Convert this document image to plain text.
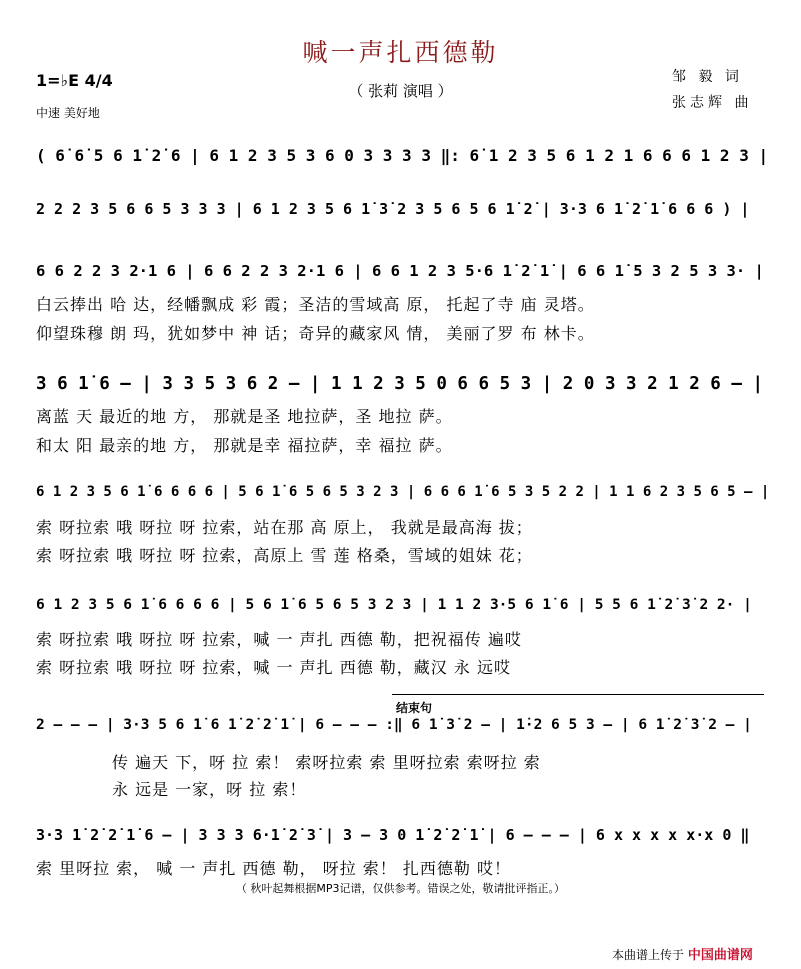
喊一声扎西德勒
（ 张莉 演唱 ）
1=♭E 4/4
中速 美好地
邹 毅 词
张志辉 曲
( 6̇ 6̇ 5 6 1̇ 2̇ 6 | 6 1 2 3 5 3 6 0 3 3 3 3 ‖: 6̇ 1 2 3 5 6 1 2 1 6 6 6 1 2 3 |
2 2 2 3 5 6 6 5 3 3 3 | 6 1 2 3 5 6 1̇ 3̇ 2 3 5 6 5 6 1̇ 2̇ | 3·3 6 1̇ 2̇ 1̇ 6 6 6 ) |
6 6 2 2 3 2·1 6 | 6 6 2 2 3 2·1 6 | 6 6 1 2 3 5·6 1̇ 2̇ 1̇ | 6 6 1̇ 5 3 2 5 3 3· |
白云捧出 哈 达，经幡飘成 彩 霞；圣洁的雪域高 原， 托起了寺 庙 灵塔。
仰望珠穆 朗 玛，犹如梦中 神 话；奇异的藏家风 情， 美丽了罗 布 林卡。
3 6 1̇ 6 – | 3 3 5 3 6 2 – | 1 1 2 3 5 0 6 6 5 3 | 2 0 3 3 2 1 2 6 – |
离蓝 天 最近的地 方， 那就是圣 地拉萨，圣 地拉 萨。
和太 阳 最亲的地 方， 那就是幸 福拉萨，幸 福拉 萨。
6 1 2 3 5 6 1̇ 6 6 6 6 | 5 6 1̇ 6 5 6 5 3 2 3 | 6 6 6 1̇ 6 5 3 5 2 2 | 1 1 6 2 3 5 6 5 – |
索 呀拉索 哦 呀拉 呀 拉索，站在那 高 原上， 我就是最高海 拔；
索 呀拉索 哦 呀拉 呀 拉索，高原上 雪 莲 格桑，雪域的姐妹 花；
6 1 2 3 5 6 1̇ 6 6 6 6 | 5 6 1̇ 6 5 6 5 3 2 3 | 1 1 2 3·5 6 1̇ 6 | 5 5 6 1̇ 2̇ 3̇ 2 2· |
索 呀拉索 哦 呀拉 呀 拉索，喊 一 声扎 西德 勒，把祝福传 遍哎
索 呀拉索 哦 呀拉 呀 拉索，喊 一 声扎 西德 勒，藏汉 永 远哎
结束句
2 – – – | 3·3 5 6 1̇ 6 1̇ 2̇ 2̇ 1̇ | 6 – – – :‖ 6 1̇ 3̇ 2 – | 1̇·2 6 5 3 – | 6 1̇ 2̇ 3̇ 2 – |
传 遍天 下，呀 拉 索！ 索呀拉索 索 里呀拉索 索呀拉 索
永 远是 一家，呀 拉 索！
3·3 1̇ 2̇ 2̇ 1̇ 6 – | 3 3 3 6·1̇ 2̇ 3̇ | 3 – 3 0 1̇ 2̇ 2̇ 1̇ | 6 – – – | 6 x x x x x·x 0 ‖
索 里呀拉 索， 喊 一 声扎 西德 勒， 呀拉 索！ 扎西德勒 哎！
（ 秋叶起舞根据MP3记谱，仅供参考。错误之处，敬请批评指正。）
本曲谱上传于 中国曲谱网
